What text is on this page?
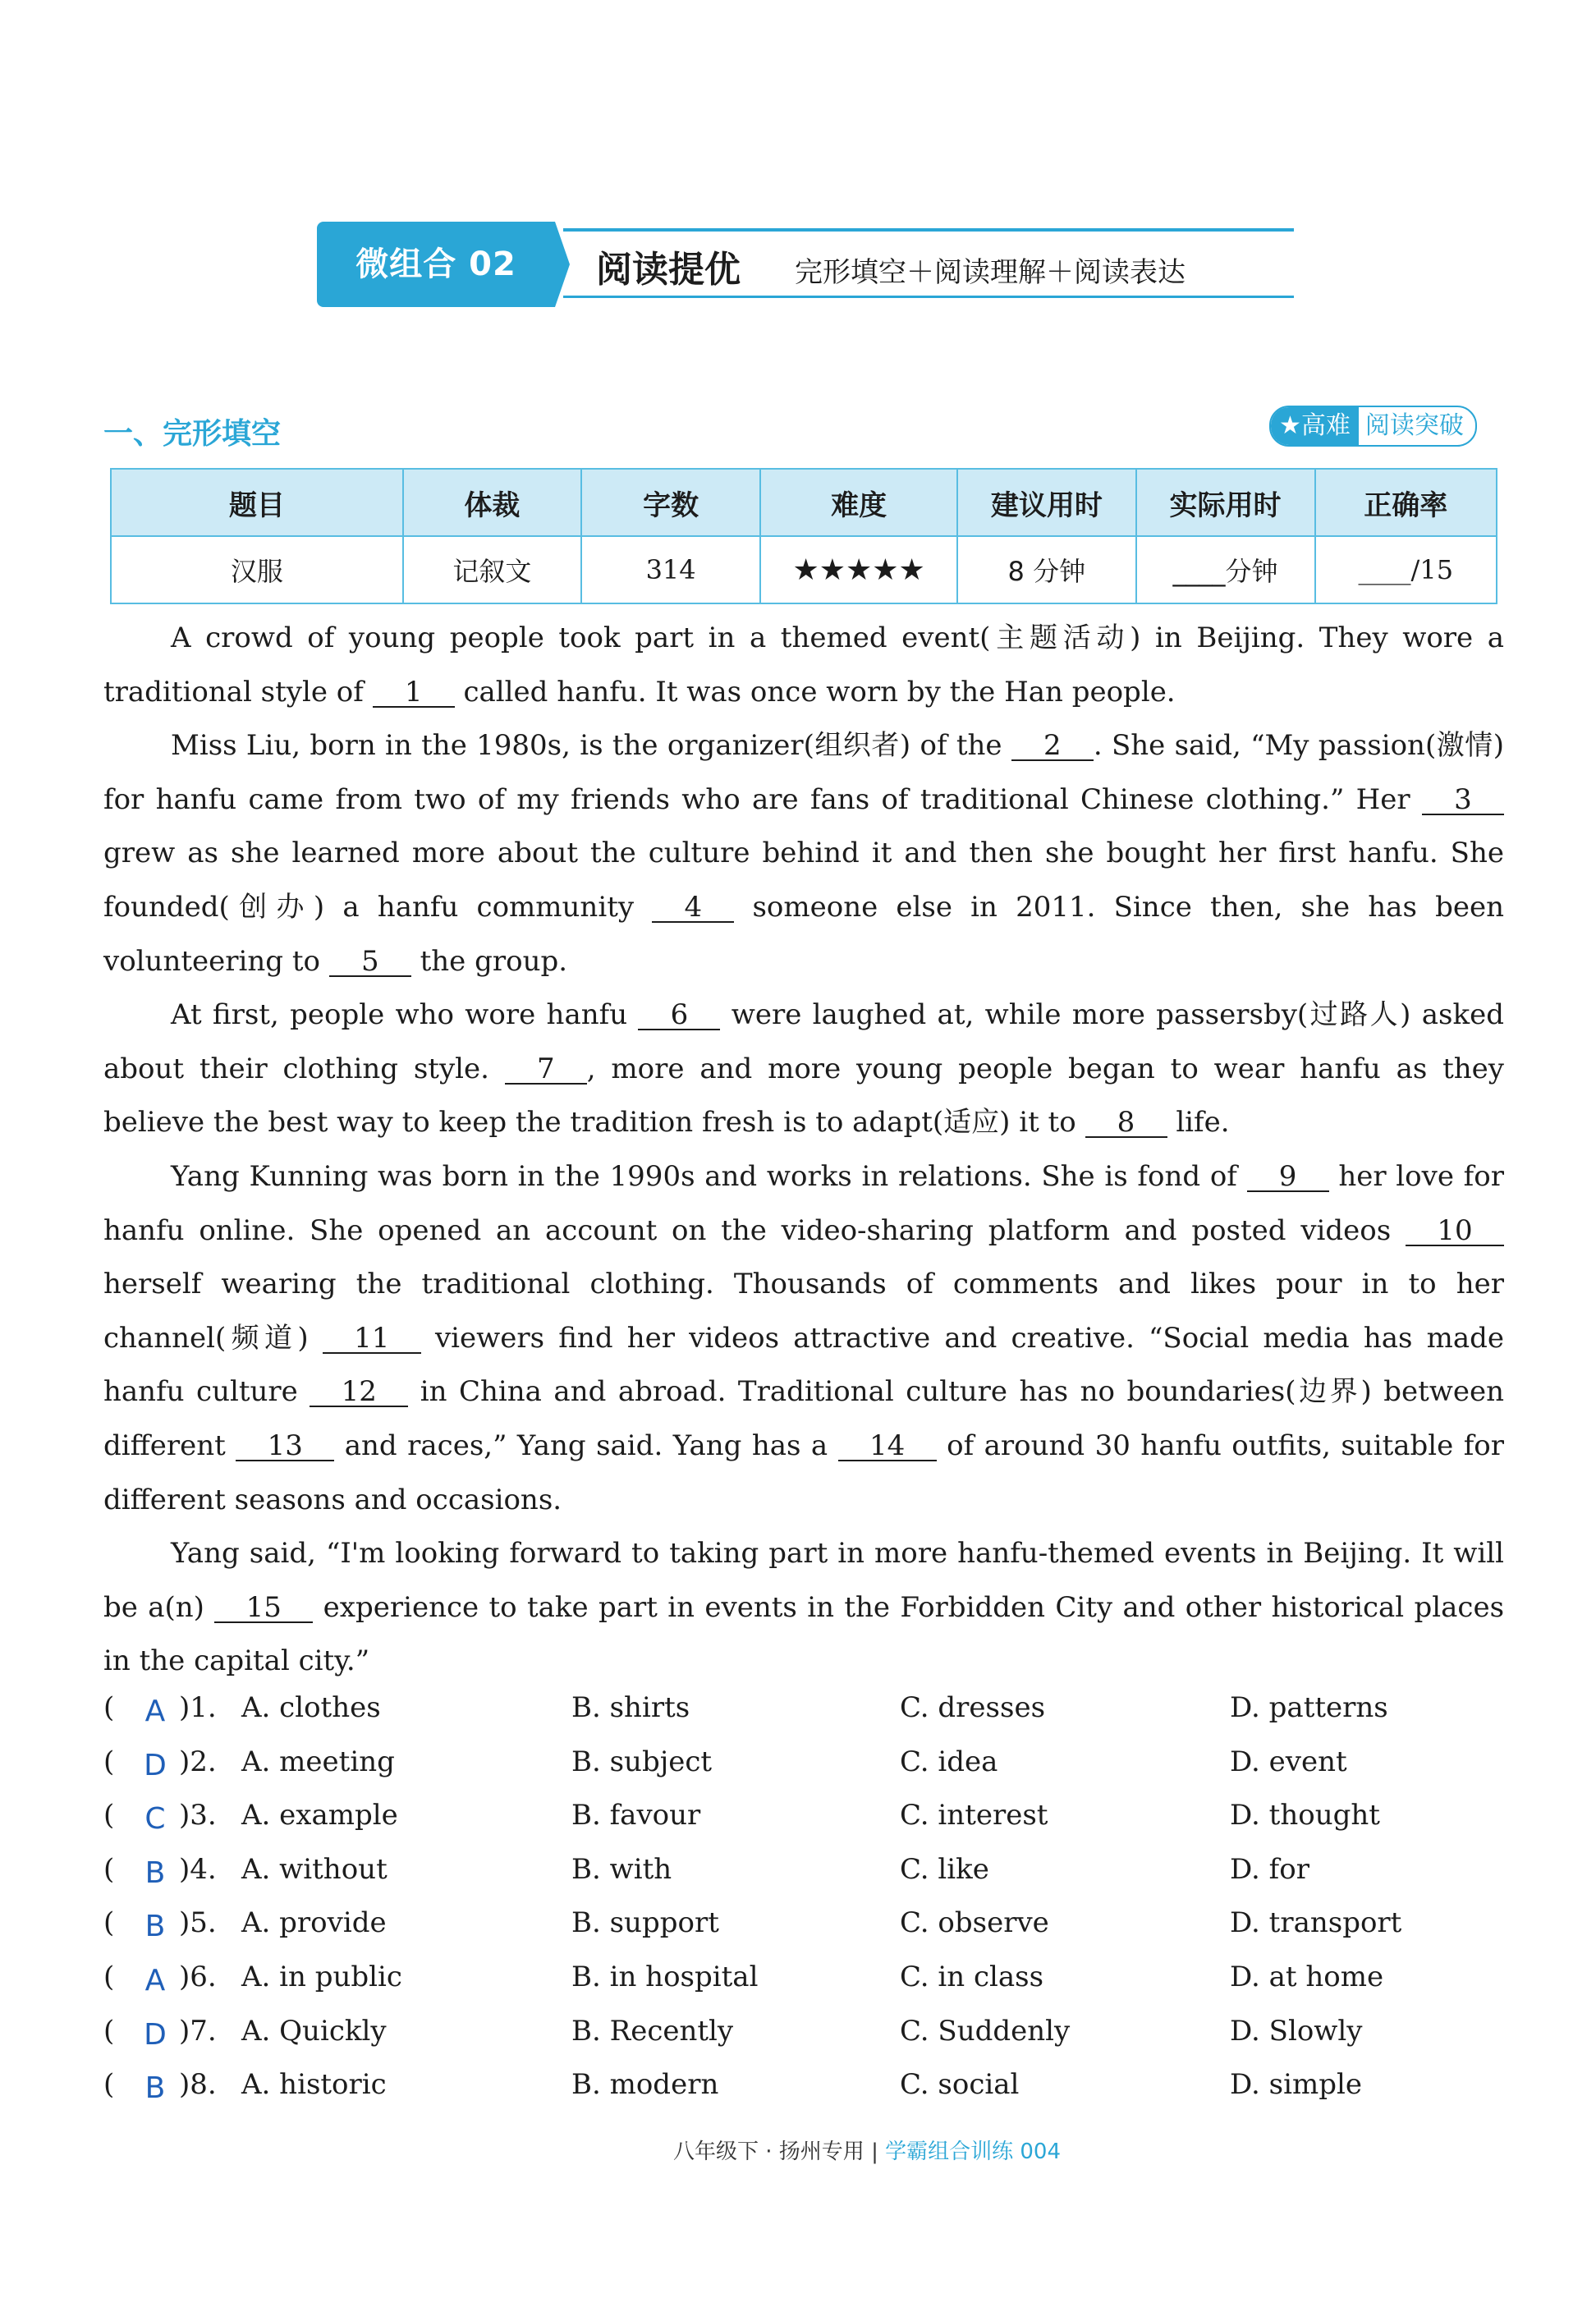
微组合 02	阅读提优 完形填空＋阅读理解＋阅读表达
一、完形填空	★高难 阅读突破
题目	体裁	字数	难度	建议用时	实际用时	正确率
汉服	记叙文	314	★★★★★	8 分钟	____分钟	____/15

A crowd of young people took part in a themed event(主题活动) in Beijing. They wore a traditional style of 1 called hanfu. It was once worn by the Han people.

Miss Liu, born in the 1980s, is the organizer(组织者) of the 2 . She said, “My passion(激情) for hanfu came from two of my friends who are fans of traditional Chinese clothing.” Her 3 grew as she learned more about the culture behind it and then she bought her first hanfu. She founded(创办) a hanfu community 4 someone else in 2011. Since then, she has been volunteering to 5 the group.

At first, people who wore hanfu 6 were laughed at, while more passersby(过路人) asked about their clothing style. 7 , more and more young people began to wear hanfu as they believe the best way to keep the tradition fresh is to adapt(适应) it to 8 life.

Yang Kunning was born in the 1990s and works in relations. She is fond of 9 her love for hanfu online. She opened an account on the video-sharing platform and posted videos 10 herself wearing the traditional clothing. Thousands of comments and likes pour in to her channel(频道) 11 viewers find her videos attractive and creative. “Social media has made hanfu culture 12 in China and abroad. Traditional culture has no boundaries(边界) between different 13 and races,” Yang said. Yang has a 14 of around 30 hanfu outfits, suitable for different seasons and occasions.

Yang said, “I'm looking forward to taking part in more hanfu-themed events in Beijing. It will be a(n) 15 experience to take part in events in the Forbidden City and other historical places in the capital city.”

( A )1. A. clothes	B. shirts	C. dresses	D. patterns
( D )2. A. meeting	B. subject	C. idea	D. event
( C )3. A. example	B. favour	C. interest	D. thought
( B )4. A. without	B. with	C. like	D. for
( B )5. A. provide	B. support	C. observe	D. transport
( A )6. A. in public	B. in hospital	C. in class	D. at home
( D )7. A. Quickly	B. Recently	C. Suddenly	D. Slowly
( B )8. A. historic	B. modern	C. social	D. simple
八年级下 · 扬州专用 | 学霸组合训练 004
